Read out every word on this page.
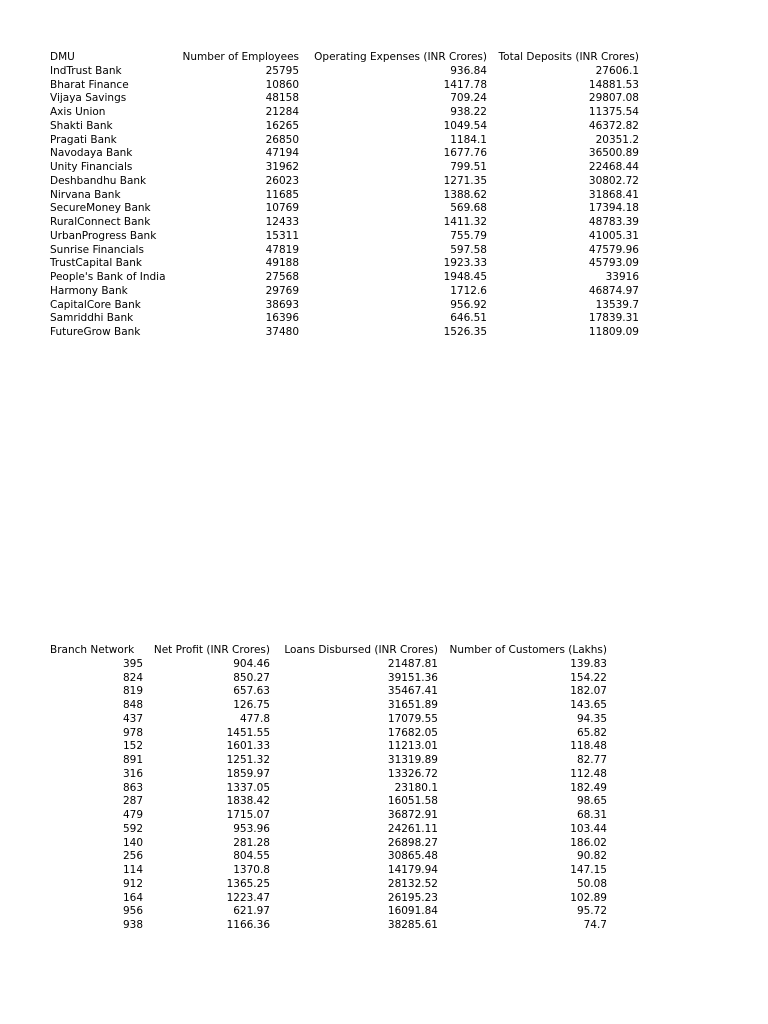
DMU	Number of Employees	Operating Expenses (INR Crores)	Total Deposits (INR Crores)
IndTrust Bank	25795	936.84	27606.1
Bharat Finance	10860	1417.78	14881.53
Vijaya Savings	48158	709.24	29807.08
Axis Union	21284	938.22	11375.54
Shakti Bank	16265	1049.54	46372.82
Pragati Bank	26850	1184.1	20351.2
Navodaya Bank	47194	1677.76	36500.89
Unity Financials	31962	799.51	22468.44
Deshbandhu Bank	26023	1271.35	30802.72
Nirvana Bank	11685	1388.62	31868.41
SecureMoney Bank	10769	569.68	17394.18
RuralConnect Bank	12433	1411.32	48783.39
UrbanProgress Bank	15311	755.79	41005.31
Sunrise Financials	47819	597.58	47579.96
TrustCapital Bank	49188	1923.33	45793.09
People's Bank of India	27568	1948.45	33916
Harmony Bank	29769	1712.6	46874.97
CapitalCore Bank	38693	956.92	13539.7
Samriddhi Bank	16396	646.51	17839.31
FutureGrow Bank	37480	1526.35	11809.09
Branch Network	Net Profit (INR Crores)	Loans Disbursed (INR Crores)	Number of Customers (Lakhs)
395	904.46	21487.81	139.83
824	850.27	39151.36	154.22
819	657.63	35467.41	182.07
848	126.75	31651.89	143.65
437	477.8	17079.55	94.35
978	1451.55	17682.05	65.82
152	1601.33	11213.01	118.48
891	1251.32	31319.89	82.77
316	1859.97	13326.72	112.48
863	1337.05	23180.1	182.49
287	1838.42	16051.58	98.65
479	1715.07	36872.91	68.31
592	953.96	24261.11	103.44
140	281.28	26898.27	186.02
256	804.55	30865.48	90.82
114	1370.8	14179.94	147.15
912	1365.25	28132.52	50.08
164	1223.47	26195.23	102.89
956	621.97	16091.84	95.72
938	1166.36	38285.61	74.7
